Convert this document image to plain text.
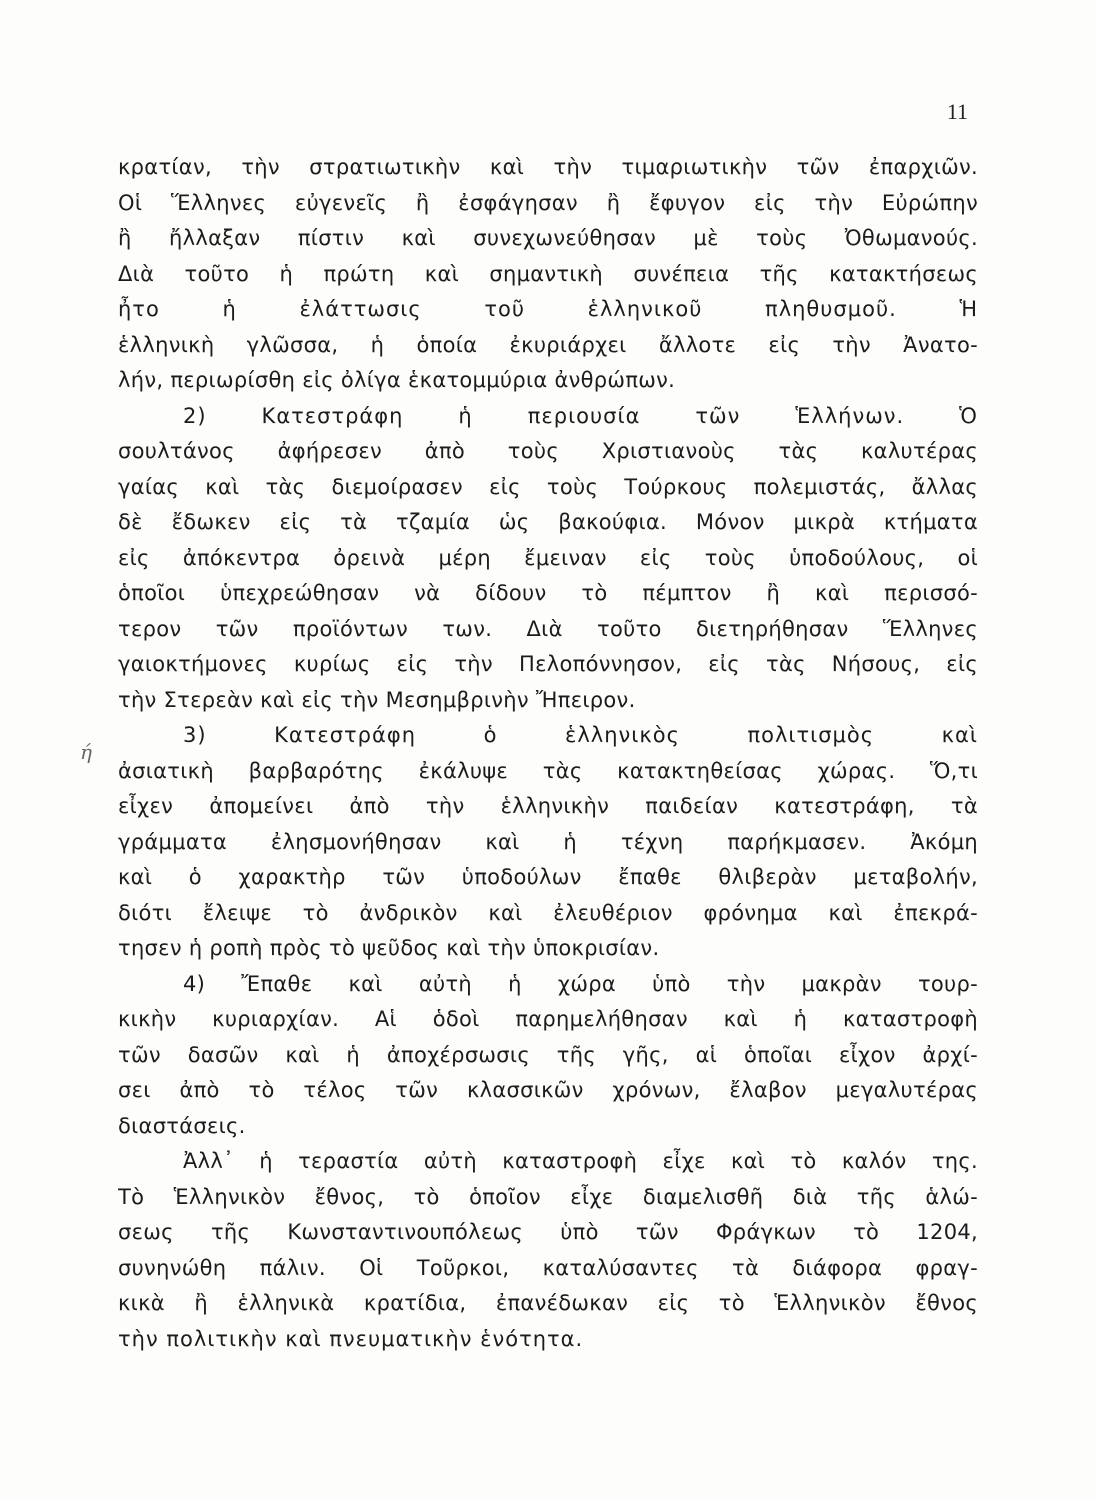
11
ή
κρατίαν, τὴν στρατιωτικὴν καὶ τὴν τιμαριωτικὴν τῶν ἐπαρχιῶν.
Οἱ Ἕλληνες εὐγενεῖς ἢ ἐσφάγησαν ἢ ἔφυγον εἰς τὴν Εὐρώπην
ἢ ἤλλαξαν πίστιν καὶ συνεχωνεύθησαν μὲ τοὺς Ὀθωμανούς.
Διὰ τοῦτο ἡ πρώτη καὶ σημαντικὴ συνέπεια τῆς κατακτήσεως
ἦτο ἡ ἐλάττωσις τοῦ ἑλληνικοῦ πληθυσμοῦ. Ἡ
ἑλληνικὴ γλῶσσα, ἡ ὁποία ἐκυριάρχει ἄλλοτε εἰς τὴν Ἀνατο-
λήν, περιωρίσθη εἰς ὀλίγα ἑκατομμύρια ἀνθρώπων.
2) Κατεστράφη ἡ περιουσία τῶν Ἑλλήνων. Ὁ
σουλτάνος ἀφήρεσεν ἀπὸ τοὺς Χριστιανοὺς τὰς καλυτέρας
γαίας καὶ τὰς διεμοίρασεν εἰς τοὺς Τούρκους πολεμιστάς, ἄλλας
δὲ ἔδωκεν εἰς τὰ τζαμία ὡς βακούφια. Μόνον μικρὰ κτήματα
εἰς ἀπόκεντρα ὀρεινὰ μέρη ἔμειναν εἰς τοὺς ὑποδούλους, οἱ
ὁποῖοι ὑπεχρεώθησαν νὰ δίδουν τὸ πέμπτον ἢ καὶ περισσό-
τερον τῶν προϊόντων των. Διὰ τοῦτο διετηρήθησαν Ἕλληνες
γαιοκτήμονες κυρίως εἰς τὴν Πελοπόννησον, εἰς τὰς Νήσους, εἰς
τὴν Στερεὰν καὶ εἰς τὴν Μεσημβρινὴν Ἤπειρον.
3) Κατεστράφη ὁ ἑλληνικὸς πολιτισμὸς καὶ
ἀσιατικὴ βαρβαρότης ἐκάλυψε τὰς κατακτηθείσας χώρας. Ὅ,τι
εἶχεν ἀπομείνει ἀπὸ τὴν ἑλληνικὴν παιδείαν κατεστράφη, τὰ
γράμματα ἐλησμονήθησαν καὶ ἡ τέχνη παρήκμασεν. Ἀκόμη
καὶ ὁ χαρακτὴρ τῶν ὑποδούλων ἔπαθε θλιβερὰν μεταβολήν,
διότι ἔλειψε τὸ ἀνδρικὸν καὶ ἐλευθέριον φρόνημα καὶ ἐπεκρά-
τησεν ἡ ροπὴ πρὸς τὸ ψεῦδος καὶ τὴν ὑποκρισίαν.
4) Ἔπαθε καὶ αὐτὴ ἡ χώρα ὑπὸ τὴν μακρὰν τουρ-
κικὴν κυριαρχίαν. Αἱ ὁδοὶ παρημελήθησαν καὶ ἡ καταστροφὴ
τῶν δασῶν καὶ ἡ ἀποχέρσωσις τῆς γῆς, αἱ ὁποῖαι εἶχον ἀρχί-
σει ἀπὸ τὸ τέλος τῶν κλασσικῶν χρόνων, ἔλαβον μεγαλυτέρας
διαστάσεις.
Ἀλλ᾽ ἡ τεραστία αὐτὴ καταστροφὴ εἶχε καὶ τὸ καλόν της.
Τὸ Ἑλληνικὸν ἔθνος, τὸ ὁποῖον εἶχε διαμελισθῆ διὰ τῆς ἁλώ-
σεως τῆς Κωνσταντινουπόλεως ὑπὸ τῶν Φράγκων τὸ 1204,
συνηνώθη πάλιν. Οἱ Τοῦρκοι, καταλύσαντες τὰ διάφορα φραγ-
κικὰ ἢ ἑλληνικὰ κρατίδια, ἐπανέδωκαν εἰς τὸ Ἑλληνικὸν ἔθνος
τὴν πολιτικὴν καὶ πνευματικὴν ἑνότητα.
